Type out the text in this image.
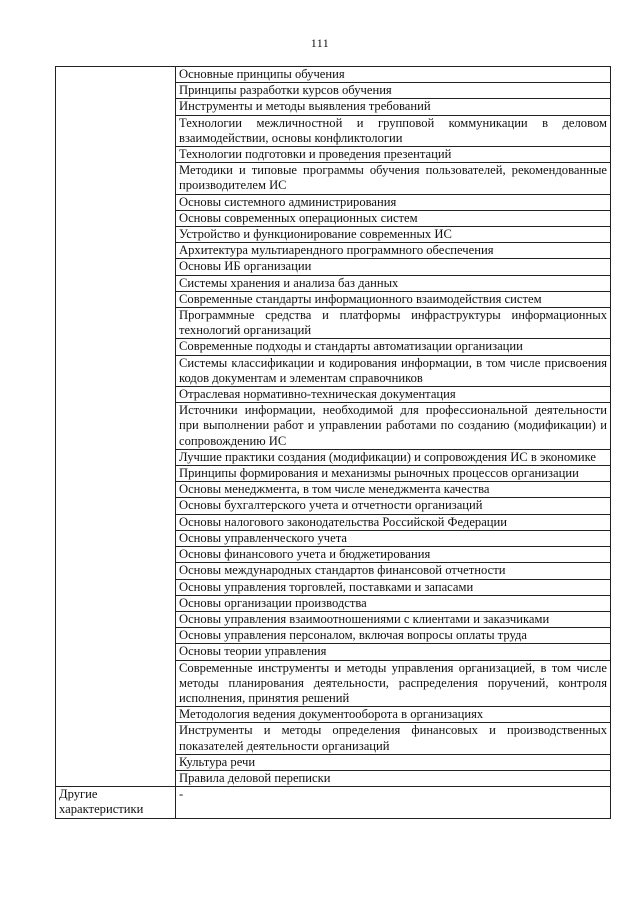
111
	Основные принципы обучения
	Принципы разработки курсов обучения
	Инструменты и методы выявления требований
	Технологии межличностной и групповой коммуникации в деловом взаимодействии, основы конфликтологии
	Технологии подготовки и проведения презентаций
	Методики и типовые программы обучения пользователей, рекомендованные производителем ИС
	Основы системного администрирования
	Основы современных операционных систем
	Устройство и функционирование современных ИС
	Архитектура мультиарендного программного обеспечения
	Основы ИБ организации
	Системы хранения и анализа баз данных
	Современные стандарты информационного взаимодействия систем
	Программные средства и платформы инфраструктуры информационных технологий организаций
	Современные подходы и стандарты автоматизации организации
	Системы классификации и кодирования информации, в том числе присвоения кодов документам и элементам справочников
	Отраслевая нормативно-техническая документация
	Источники информации, необходимой для профессиональной деятельности при выполнении работ и управлении работами по созданию (модификации) и сопровождению ИС
	Лучшие практики создания (модификации) и сопровождения ИС в экономике
	Принципы формирования и механизмы рыночных процессов организации
	Основы менеджмента, в том числе менеджмента качества
	Основы бухгалтерского учета и отчетности организаций
	Основы налогового законодательства Российской Федерации
	Основы управленческого учета
	Основы финансового учета и бюджетирования
	Основы международных стандартов финансовой отчетности
	Основы управления торговлей, поставками и запасами
	Основы организации производства
	Основы управления взаимоотношениями с клиентами и заказчиками
	Основы управления персоналом, включая вопросы оплаты труда
	Основы теории управления
	Современные инструменты и методы управления организацией, в том числе методы планирования деятельности, распределения поручений, контроля исполнения, принятия решений
	Методология ведения документооборота в организациях
	Инструменты и методы определения финансовых и производственных показателей деятельности организаций
	Культура речи
	Правила деловой переписки
Другие характеристики	-
